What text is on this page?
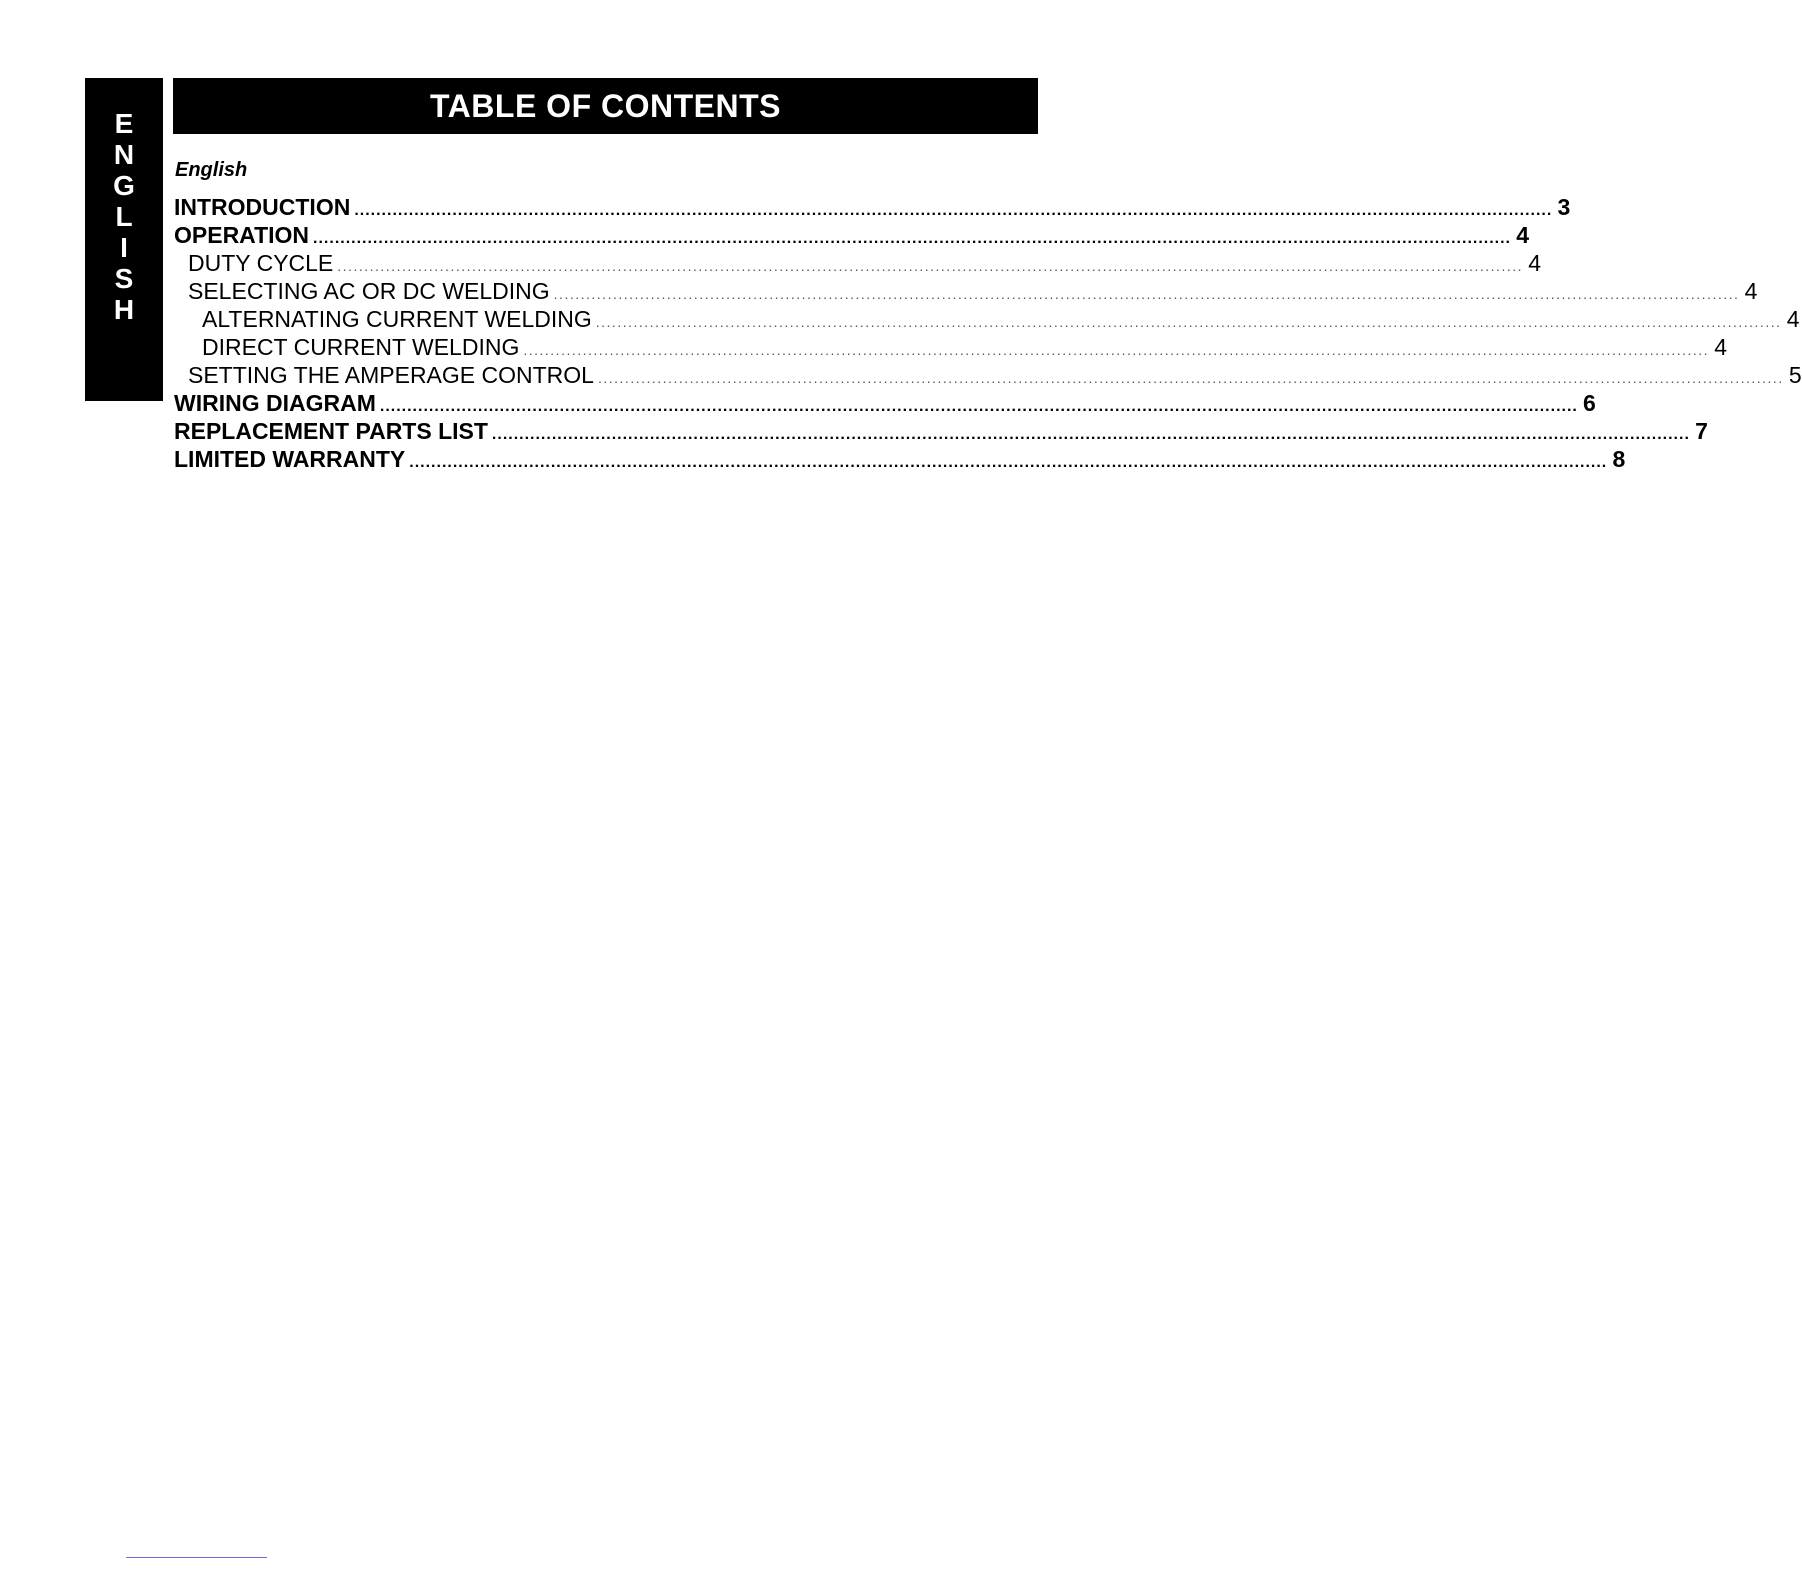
E
N
G
L
I
S
H
TABLE OF CONTENTS
English
INTRODUCTION ............................................................................................................................................................................................................................ 3
OPERATION ............................................................................................................................................................................................................................ 4
DUTY CYCLE ............................................................................................................................................................................................................................ 4
SELECTING AC OR DC WELDING ............................................................................................................................................................................................................................ 4
ALTERNATING CURRENT WELDING ............................................................................................................................................................................................................................ 4
DIRECT CURRENT WELDING ............................................................................................................................................................................................................................ 4
SETTING THE AMPERAGE CONTROL ............................................................................................................................................................................................................................ 5
WIRING DIAGRAM ............................................................................................................................................................................................................................ 6
REPLACEMENT PARTS LIST ............................................................................................................................................................................................................................ 7
LIMITED WARRANTY ............................................................................................................................................................................................................................ 8
